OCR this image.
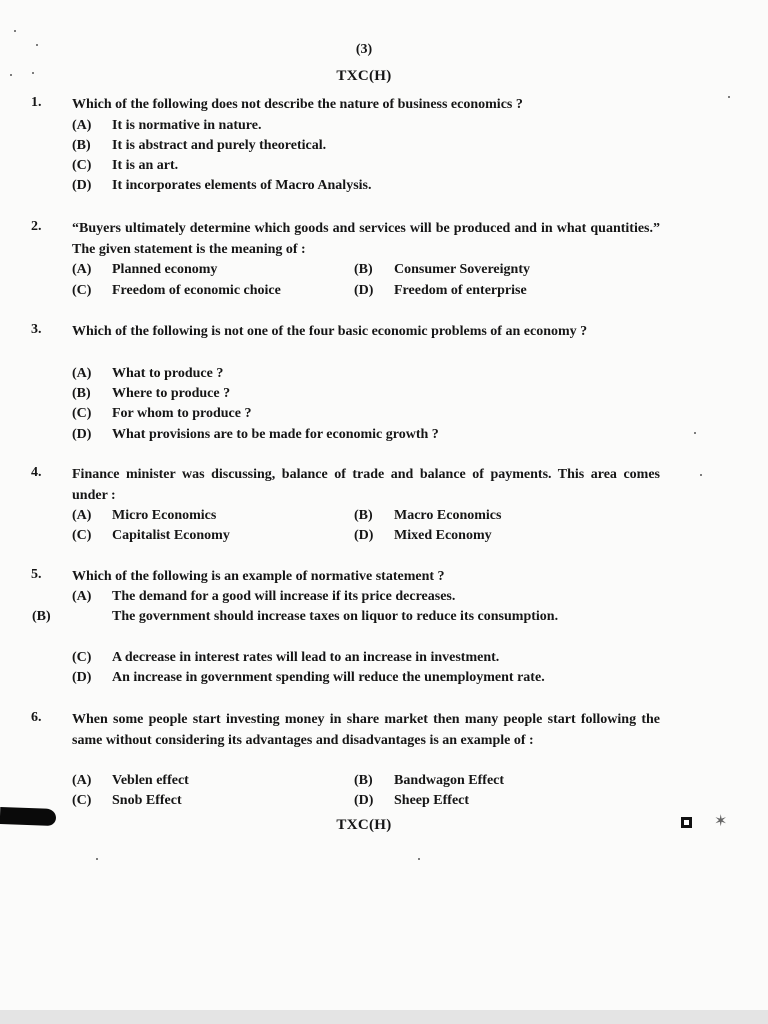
(3)
TXC(H)
1. Which of the following does not describe the nature of business economics ?
(A) It is normative in nature.
(B) It is abstract and purely theoretical.
(C) It is an art.
(D) It incorporates elements of Macro Analysis.
2. “Buyers ultimately determine which goods and services will be produced and in what quantities.” The given statement is the meaning of :
(A) Planned economy	(B) Consumer Sovereignty
(C) Freedom of economic choice	(D) Freedom of enterprise
3. Which of the following is not one of the four basic economic problems of an economy ?
(A) What to produce ?
(B) Where to produce ?
(C) For whom to produce ?
(D) What provisions are to be made for economic growth ?
4. Finance minister was discussing, balance of trade and balance of payments. This area comes under :
(A) Micro Economics	(B) Macro Economics
(C) Capitalist Economy	(D) Mixed Economy
5. Which of the following is an example of normative statement ?
(A) The demand for a good will increase if its price decreases.
(B)	The government should increase taxes on liquor to reduce its consumption.
(C) A decrease in interest rates will lead to an increase in investment.
(D) An increase in government spending will reduce the unemployment rate.
6. When some people start investing money in share market then many people start following the same without considering its advantages and disadvantages is an example of :
(A) Veblen effect	(B) Bandwagon Effect
(C) Snob Effect	(D) Sheep Effect
TXC(H)	✶
